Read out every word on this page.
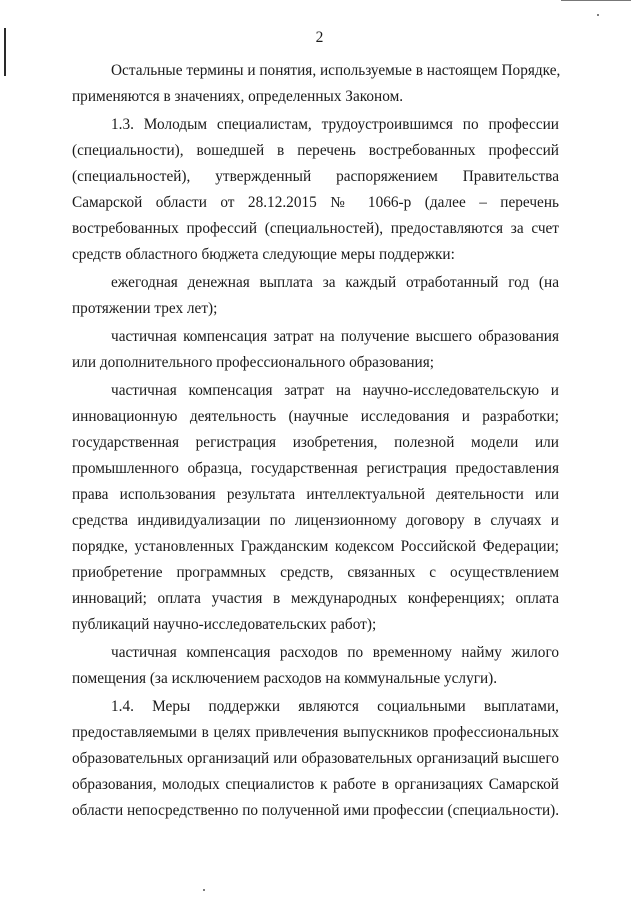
2
Остальные термины и понятия, используемые в настоящем Порядке,
применяются в значениях, определенных Законом.
1.3. Молодым специалистам, трудоустроившимся по профессии
(специальности), вошедшей в перечень востребованных профессий
(специальностей), утвержденный распоряжением Правительства
Самарской области от 28.12.2015 № 1066-р (далее – перечень
востребованных профессий (специальностей), предоставляются за счет
средств областного бюджета следующие меры поддержки:
ежегодная денежная выплата за каждый отработанный год (на
протяжении трех лет);
частичная компенсация затрат на получение высшего образования
или дополнительного профессионального образования;
частичная компенсация затрат на научно-исследовательскую и
инновационную деятельность (научные исследования и разработки;
государственная регистрация изобретения, полезной модели или
промышленного образца, государственная регистрация предоставления
права использования результата интеллектуальной деятельности или
средства индивидуализации по лицензионному договору в случаях и
порядке, установленных Гражданским кодексом Российской Федерации;
приобретение программных средств, связанных с осуществлением
инноваций; оплата участия в международных конференциях; оплата
публикаций научно-исследовательских работ);
частичная компенсация расходов по временному найму жилого
помещения (за исключением расходов на коммунальные услуги).
1.4. Меры поддержки являются социальными выплатами,
предоставляемыми в целях привлечения выпускников профессиональных
образовательных организаций или образовательных организаций высшего
образования, молодых специалистов к работе в организациях Самарской
области непосредственно по полученной ими профессии (специальности).
